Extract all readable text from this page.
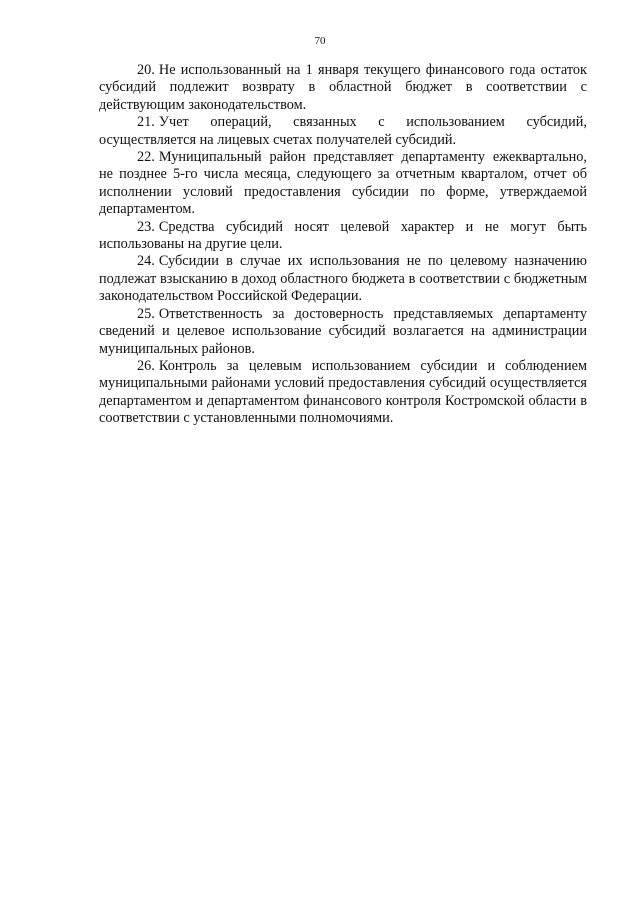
70

20. Не использованный на 1 января текущего финансового года остаток субсидий подлежит возврату в областной бюджет в соответствии с действующим законодательством.

21. Учет операций, связанных с использованием субсидий, осуществляется на лицевых счетах получателей субсидий.

22. Муниципальный район представляет департаменту ежеквартально, не позднее 5-го числа месяца, следующего за отчетным кварталом, отчет об исполнении условий предоставления субсидии по форме, утверждаемой департаментом.

23. Средства субсидий носят целевой характер и не могут быть использованы на другие цели.

24. Субсидии в случае их использования не по целевому назначению подлежат взысканию в доход областного бюджета в соответствии с бюджетным законодательством Российской Федерации.

25. Ответственность за достоверность представляемых департаменту сведений и целевое использование субсидий возлагается на администрации муниципальных районов.

26. Контроль за целевым использованием субсидии и соблюдением муниципальными районами условий предоставления субсидий осуществляется департаментом и департаментом финансового контроля Костромской области в соответствии с установленными полномочиями.
